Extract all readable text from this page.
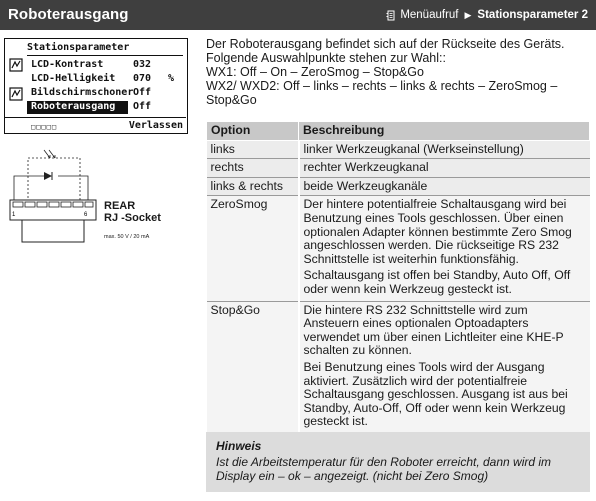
Roboterausgang	Menüaufruf ▶ Stationsparameter 2
Stationsparameter
LCD-Kontrast	032
LCD-Helligkeit 070 %
Bildschirmschoner Off
Roboterausgang Off
□□□□□	Verlassen
1	6
REAR
RJ -Socket
max. 50 V / 20 mA

Der Roboterausgang befindet sich auf der Rückseite des Geräts.

Folgende Auswahlpunkte stehen zur Wahl::

WX1: Off – On – ZeroSmog – Stop&Go

WX2/ WXD2: Off – links – rechts – links & rechts – ZeroSmog – Stop&Go

Option	Beschreibung
links	linker Werkzeugkanal (Werkseinstellung)
rechts	rechter Werkzeugkanal
links & rechts	beide Werkzeugkanäle
ZeroSmog	Der hintere potentialfreie Schaltausgang wird bei Benutzung eines Tools geschlossen. Über einen optionalen Adapter können bestimmte Zero Smog angeschlossen werden. Die rückseitige RS 232 Schnittstelle ist weiterhin funktionsfähig.

Schaltausgang ist offen bei Standby, Auto Off, Off oder wenn kein Werkzeug gesteckt ist.

Stop&Go	Die hintere RS 232 Schnittstelle wird zum Ansteuern eines optionalen Optoadapters verwendet um über einen Lichtleiter eine KHE-P schalten zu können.

Bei Benutzung eines Tools wird der Ausgang aktiviert. Zusätzlich wird der potentialfreie Schaltausgang geschlossen. Ausgang ist aus bei Standby, Auto-Off, Off oder wenn kein Werkzeug gesteckt ist.

Hinweis
Ist die Arbeitstemperatur für den Roboter erreicht, dann wird im Display ein – ok – angezeigt. (nicht bei Zero Smog)
